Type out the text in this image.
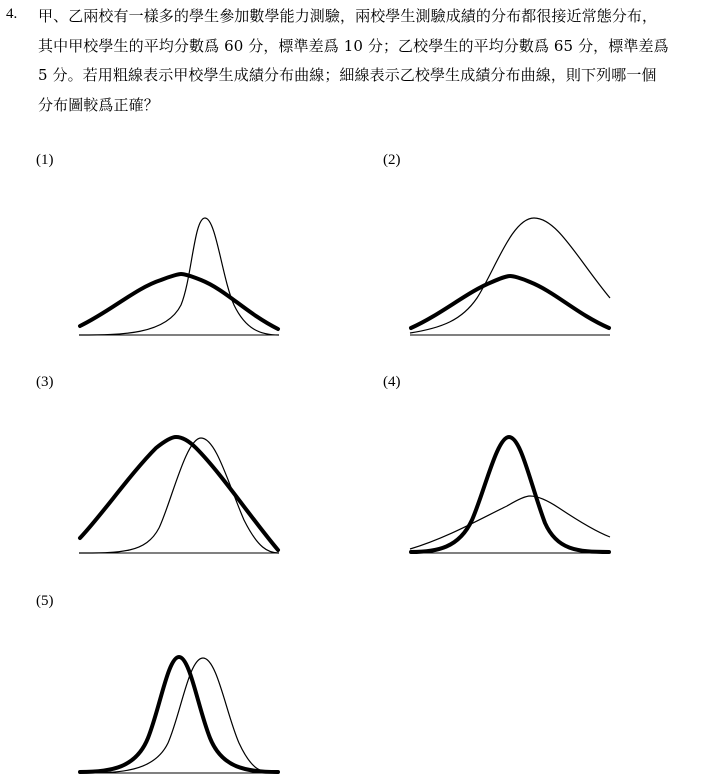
4. 甲、乙兩校有一樣多的學生參加數學能力測驗，兩校學生測驗成績的分布都很接近常態分布，
其中甲校學生的平均分數爲 60 分，標準差爲 10 分；乙校學生的平均分數爲 65 分，標準差爲
5 分。若用粗線表示甲校學生成績分布曲線；細線表示乙校學生成績分布曲線，則下列哪一個
分布圖較爲正確？
(1)	(2)
(3)	(4)
(5)
